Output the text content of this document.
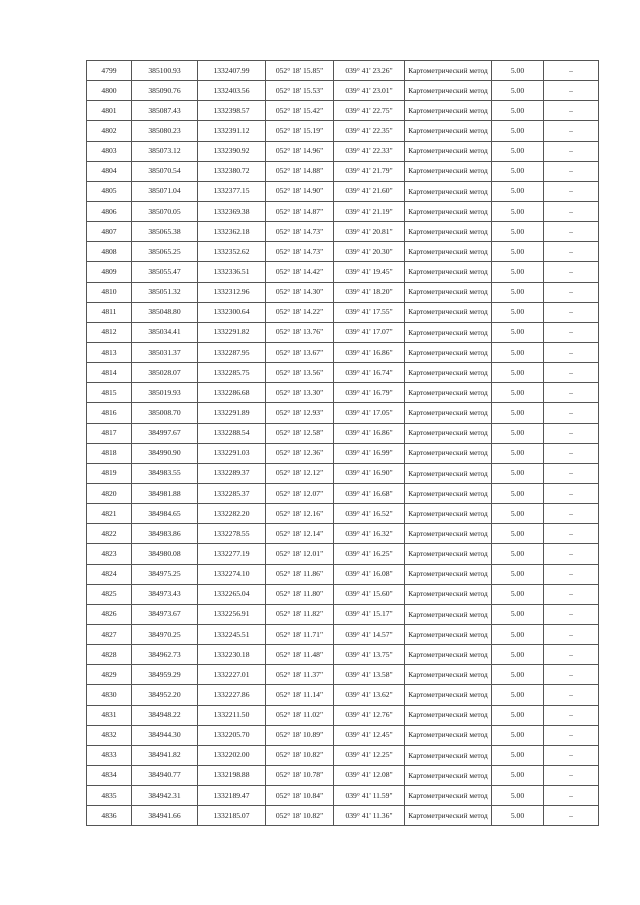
4799	385100.93	1332407.99	052° 18' 15.85"	039° 41' 23.26"	Картометрический метод	5.00	–
4800	385090.76	1332403.56	052° 18' 15.53"	039° 41' 23.01"	Картометрический метод	5.00	–
4801	385087.43	1332398.57	052° 18' 15.42"	039° 41' 22.75"	Картометрический метод	5.00	–
4802	385080.23	1332391.12	052° 18' 15.19"	039° 41' 22.35"	Картометрический метод	5.00	–
4803	385073.12	1332390.92	052° 18' 14.96"	039° 41' 22.33"	Картометрический метод	5.00	–
4804	385070.54	1332380.72	052° 18' 14.88"	039° 41' 21.79"	Картометрический метод	5.00	–
4805	385071.04	1332377.15	052° 18' 14.90"	039° 41' 21.60"	Картометрический метод	5.00	–
4806	385070.05	1332369.38	052° 18' 14.87"	039° 41' 21.19"	Картометрический метод	5.00	–
4807	385065.38	1332362.18	052° 18' 14.73"	039° 41' 20.81"	Картометрический метод	5.00	–
4808	385065.25	1332352.62	052° 18' 14.73"	039° 41' 20.30"	Картометрический метод	5.00	–
4809	385055.47	1332336.51	052° 18' 14.42"	039° 41' 19.45"	Картометрический метод	5.00	–
4810	385051.32	1332312.96	052° 18' 14.30"	039° 41' 18.20"	Картометрический метод	5.00	–
4811	385048.80	1332300.64	052° 18' 14.22"	039° 41' 17.55"	Картометрический метод	5.00	–
4812	385034.41	1332291.82	052° 18' 13.76"	039° 41' 17.07"	Картометрический метод	5.00	–
4813	385031.37	1332287.95	052° 18' 13.67"	039° 41' 16.86"	Картометрический метод	5.00	–
4814	385028.07	1332285.75	052° 18' 13.56"	039° 41' 16.74"	Картометрический метод	5.00	–
4815	385019.93	1332286.68	052° 18' 13.30"	039° 41' 16.79"	Картометрический метод	5.00	–
4816	385008.70	1332291.89	052° 18' 12.93"	039° 41' 17.05"	Картометрический метод	5.00	–
4817	384997.67	1332288.54	052° 18' 12.58"	039° 41' 16.86"	Картометрический метод	5.00	–
4818	384990.90	1332291.03	052° 18' 12.36"	039° 41' 16.99"	Картометрический метод	5.00	–
4819	384983.55	1332289.37	052° 18' 12.12"	039° 41' 16.90"	Картометрический метод	5.00	–
4820	384981.88	1332285.37	052° 18' 12.07"	039° 41' 16.68"	Картометрический метод	5.00	–
4821	384984.65	1332282.20	052° 18' 12.16"	039° 41' 16.52"	Картометрический метод	5.00	–
4822	384983.86	1332278.55	052° 18' 12.14"	039° 41' 16.32"	Картометрический метод	5.00	–
4823	384980.08	1332277.19	052° 18' 12.01"	039° 41' 16.25"	Картометрический метод	5.00	–
4824	384975.25	1332274.10	052° 18' 11.86"	039° 41' 16.08"	Картометрический метод	5.00	–
4825	384973.43	1332265.04	052° 18' 11.80"	039° 41' 15.60"	Картометрический метод	5.00	–
4826	384973.67	1332256.91	052° 18' 11.82"	039° 41' 15.17"	Картометрический метод	5.00	–
4827	384970.25	1332245.51	052° 18' 11.71"	039° 41' 14.57"	Картометрический метод	5.00	–
4828	384962.73	1332230.18	052° 18' 11.48"	039° 41' 13.75"	Картометрический метод	5.00	–
4829	384959.29	1332227.01	052° 18' 11.37"	039° 41' 13.58"	Картометрический метод	5.00	–
4830	384952.20	1332227.86	052° 18' 11.14"	039° 41' 13.62"	Картометрический метод	5.00	–
4831	384948.22	1332211.50	052° 18' 11.02"	039° 41' 12.76"	Картометрический метод	5.00	–
4832	384944.30	1332205.70	052° 18' 10.89"	039° 41' 12.45"	Картометрический метод	5.00	–
4833	384941.82	1332202.00	052° 18' 10.82"	039° 41' 12.25"	Картометрический метод	5.00	–
4834	384940.77	1332198.88	052° 18' 10.78"	039° 41' 12.08"	Картометрический метод	5.00	–
4835	384942.31	1332189.47	052° 18' 10.84"	039° 41' 11.59"	Картометрический метод	5.00	–
4836	384941.66	1332185.07	052° 18' 10.82"	039° 41' 11.36"	Картометрический метод	5.00	–
